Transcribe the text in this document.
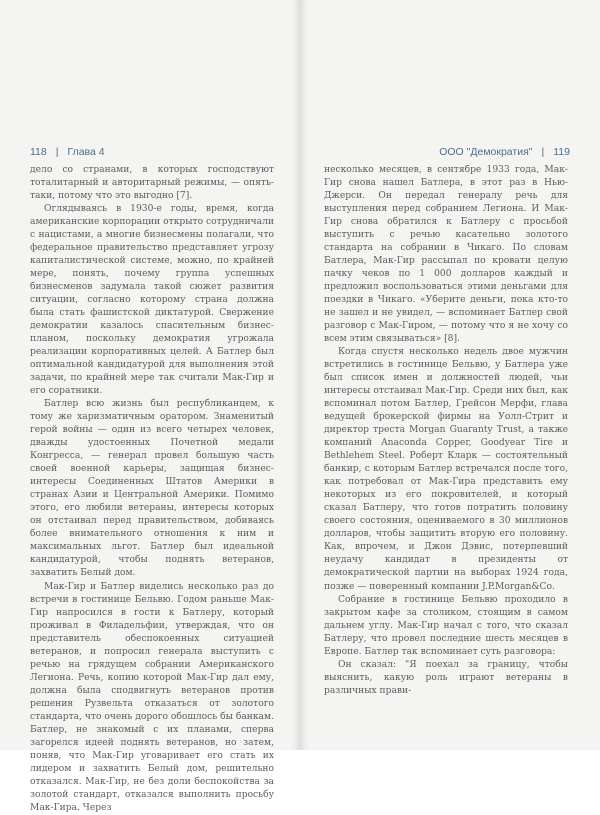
118 | Глава 4

дело со странами, в которых господствуют тоталитарный и авторитарный режимы, — опять-таки, потому что это выгодно [7].

Оглядываясь в 1930-е годы, время, когда американские корпорации открыто сотрудничали с нацистами, а многие бизнесмены полагали, что федеральное правительство представляет угрозу капиталистической системе, можно, по крайней мере, понять, почему группа успешных бизнесменов задумала такой сюжет развития ситуации, согласно которому страна должна была стать фашистской диктатурой. Свержение демократии казалось спасительным бизнес-планом, поскольку демократия угрожала реализации корпоративных целей. А Батлер был оптимальной кандидатурой для выполнения этой задачи, по крайней мере так считали Мак-Гир и его соратники.

Батлер всю жизнь был республиканцем, к тому же харизматичным оратором. Знаменитый герой войны — один из всего четырех человек, дважды удостоенных Почетной медали Конгресса, — генерал провел большую часть своей военной карьеры, защищая бизнес-интересы Соединенных Штатов Америки в странах Азии и Центральной Америки. Помимо этого, его любили ветераны, интересы которых он отстаивал перед правительством, добиваясь более внимательного отношения к ним и максимальных льгот. Батлер был идеальной кандидатурой, чтобы поднять ветеранов, захватить Белый дом.

Мак-Гир и Батлер виделись несколько раз до встречи в гостинице Бельвю. Годом раньше Мак-Гир напросился в гости к Батлеру, который проживал в Филадельфии, утверждая, что он представитель обеспокоенных ситуацией ветеранов, и попросил генерала выступить с речью на грядущем собрании Американского Легиона. Речь, копию которой Мак-Гир дал ему, должна была сподвигнуть ветеранов против решения Рузвельта отказаться от золотого стандарта, что очень дорого обошлось бы банкам. Батлер, не знакомый с их планами, сперва загорелся идеей поднять ветеранов, но затем, поняв, что Мак-Гир уговаривает его стать их лидером и захватить Белый дом, решительно отказался. Мак-Гир, не без доли беспокойства за золотой стандарт, отказался выполнить просьбу Мак-Гира. Через

ООО "Демократия" | 119

несколько месяцев, в сентябре 1933 года, Мак-Гир снова нашел Батлера, в этот раз в Нью-Джерси. Он передал генералу речь для выступления перед собранием Легиона. И Мак-Гир снова обратился к Батлеру с просьбой выступить с речью касательно золотого стандарта на собрании в Чикаго. По словам Батлера, Мак-Гир рассыпал по кровати целую пачку чеков по 1 000 долларов каждый и предложил воспользоваться этими деньгами для поездки в Чикаго. «Уберите деньги, пока кто-то не зашел и не увидел, — вспоминает Батлер свой разговор с Мак-Гиром, — потому что я не хочу со всем этим связываться» [8].

Когда спустя несколько недель двое мужчин встретились в гостинице Бельвю, у Батлера уже был список имен и должностей людей, чьи интересы отстаивал Мак-Гир. Среди них был, как вспоминал потом Батлер, Грейсон Мерфи, глава ведущей брокерской фирмы на Уолл-Стрит и директор треста Morgan Guaranty Trust, а также компаний Anaconda Copper, Goodyear Tire и Bethlehem Steel. Роберт Кларк — состоятельный банкир, с которым Батлер встречался после того, как потребовал от Мак-Гира представить ему некоторых из его покровителей, и который сказал Батлеру, что готов потратить половину своего состояния, оцениваемого в 30 миллионов долларов, чтобы защитить вторую его половину. Как, впрочем, и Джон Дэвис, потерпевший неудачу кандидат в президенты от демократической партии на выборах 1924 года, позже — поверенный компании J.P.Morgan&Co.

Собрание в гостинице Бельвю проходило в закрытом кафе за столиком, стоящим в самом дальнем углу. Мак-Гир начал с того, что сказал Батлеру, что провел последние шесть месяцев в Европе. Батлер так вспоминает суть разговора:

Он сказал: "Я поехал за границу, чтобы выяснить, какую роль играют ветераны в различных прави-
